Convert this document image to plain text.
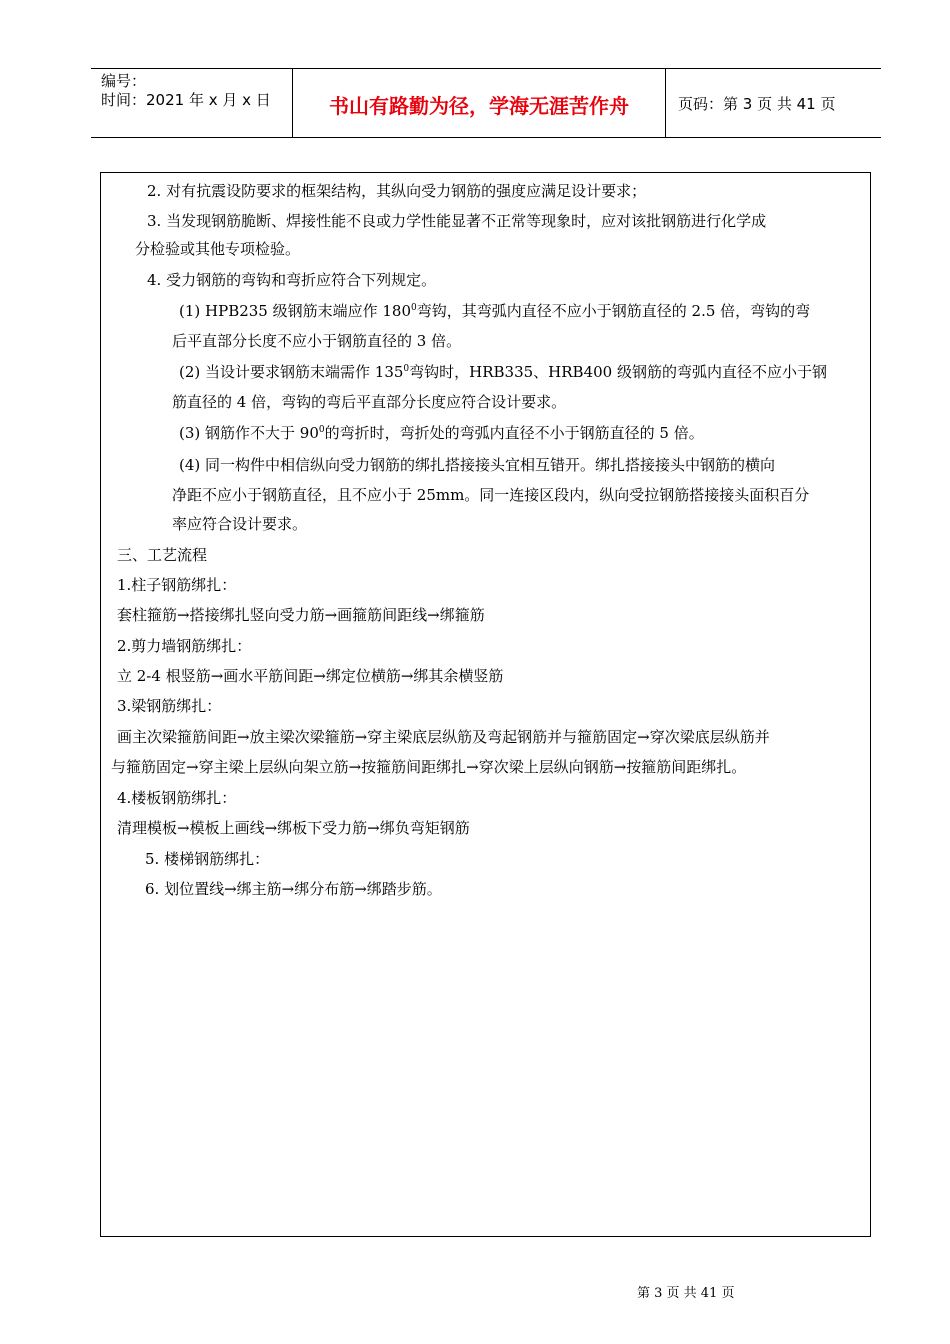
编号：
时间：2021 年 x 月 x 日	书山有路勤为径，学海无涯苦作舟	页码：第 3 页 共 41 页
2. 对有抗震设防要求的框架结构，其纵向受力钢筋的强度应满足设计要求；
3. 当发现钢筋脆断、焊接性能不良或力学性能显著不正常等现象时，应对该批钢筋进行化学成
分检验或其他专项检验。
4. 受力钢筋的弯钩和弯折应符合下列规定。
(1) HPB235 级钢筋末端应作 $180^0$弯钩，其弯弧内直径不应小于钢筋直径的 2.5 倍，弯钩的弯
后平直部分长度不应小于钢筋直径的 3 倍。
(2) 当设计要求钢筋末端需作 $135^0$弯钩时，HRB335、HRB400 级钢筋的弯弧内直径不应小于钢
筋直径的 4 倍，弯钩的弯后平直部分长度应符合设计要求。
(3) 钢筋作不大于 $90^0$的弯折时，弯折处的弯弧内直径不小于钢筋直径的 5 倍。
(4) 同一构件中相信纵向受力钢筋的绑扎搭接接头宜相互错开。绑扎搭接接头中钢筋的横向
净距不应小于钢筋直径，且不应小于 25mm。同一连接区段内，纵向受拉钢筋搭接接头面积百分
率应符合设计要求。
三、工艺流程
1.柱子钢筋绑扎：
套柱箍筋→搭接绑扎竖向受力筋→画箍筋间距线→绑箍筋
2.剪力墙钢筋绑扎：
立 2-4 根竖筋→画水平筋间距→绑定位横筋→绑其余横竖筋
3.梁钢筋绑扎：
画主次梁箍筋间距→放主梁次梁箍筋→穿主梁底层纵筋及弯起钢筋并与箍筋固定→穿次梁底层纵筋并
与箍筋固定→穿主梁上层纵向架立筋→按箍筋间距绑扎→穿次梁上层纵向钢筋→按箍筋间距绑扎。
4.楼板钢筋绑扎：
清理模板→模板上画线→绑板下受力筋→绑负弯矩钢筋
5. 楼梯钢筋绑扎：
6. 划位置线→绑主筋→绑分布筋→绑踏步筋。
第 3 页 共 41 页
